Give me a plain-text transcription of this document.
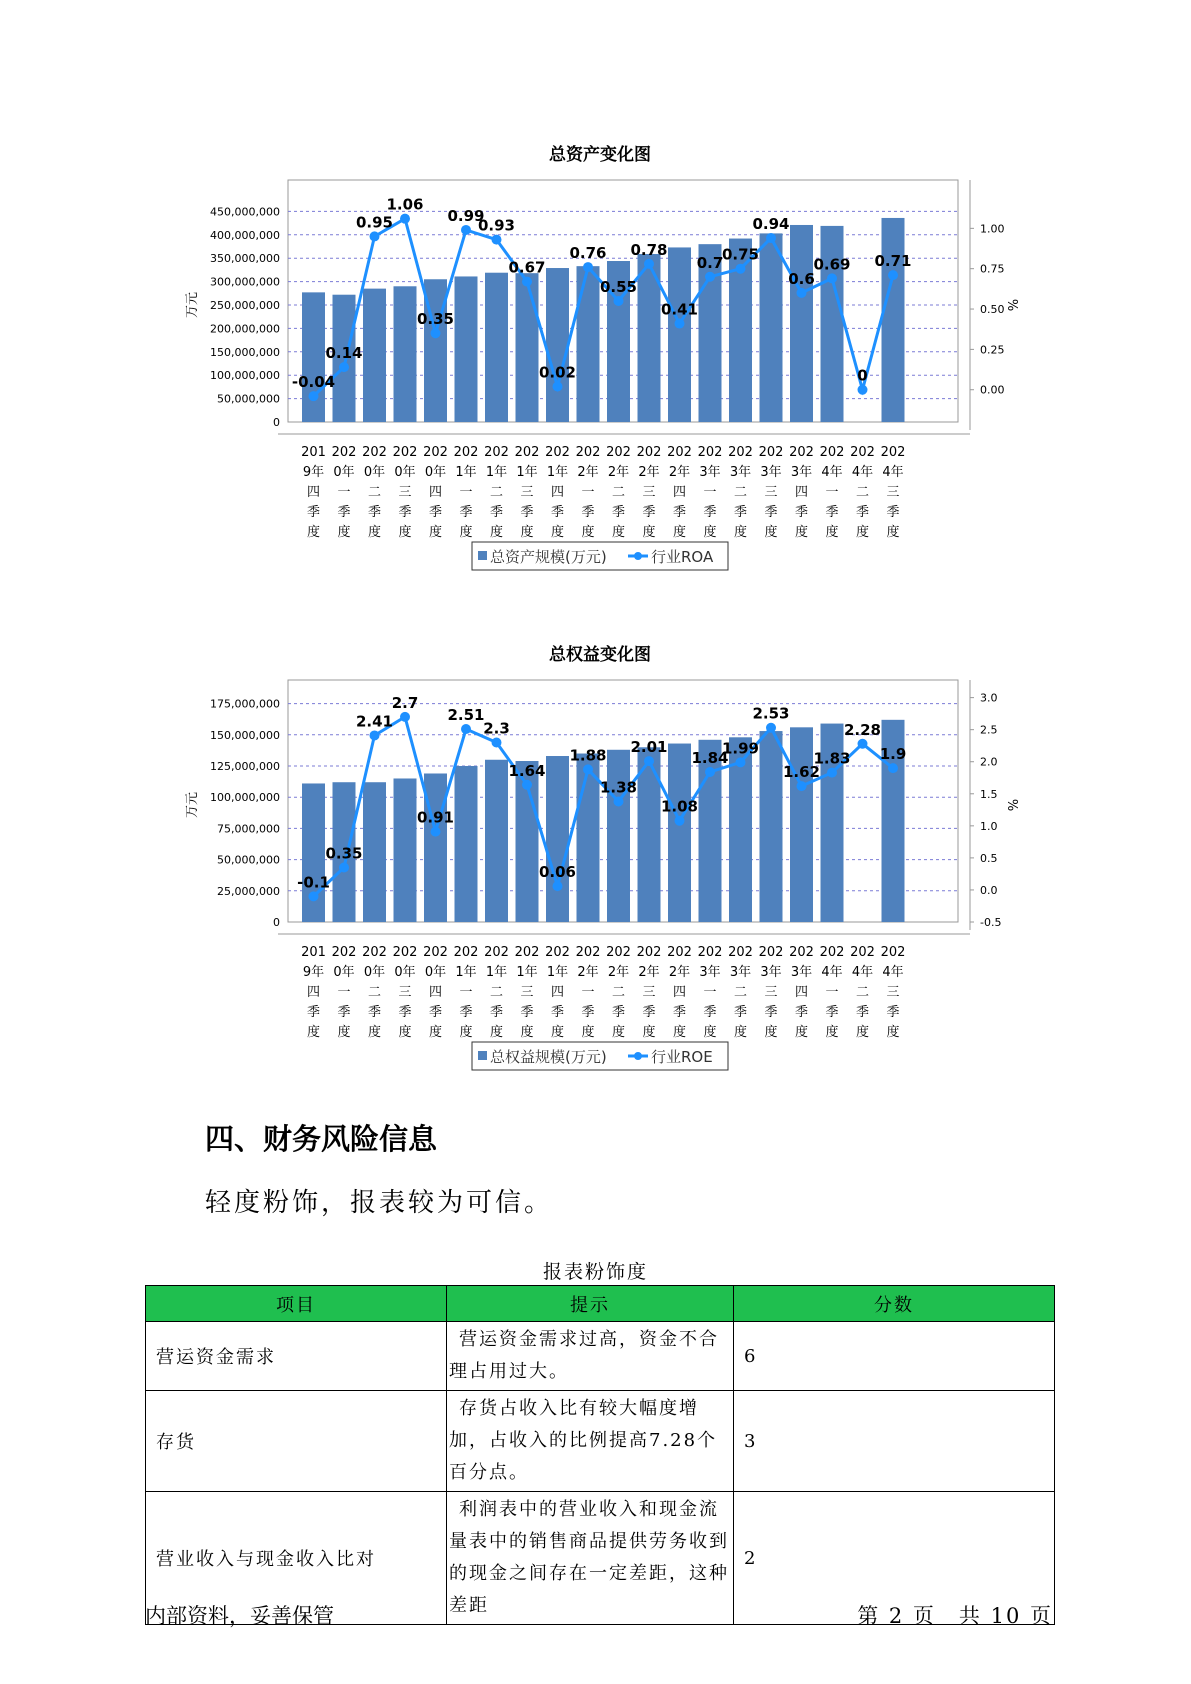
总资产变化图
0
50,000,000
100,000,000
150,000,000
200,000,000
250,000,000
300,000,000
350,000,000
400,000,000
450,000,000
0.00
0.25
0.50
0.75
1.00
万元	%
-0.04
0.14
0.95
1.06
0.35
0.99
0.93
0.67
0.02
0.76
0.55
0.78
0.41
0.7
0.75
0.94
0.6
0.69
0
0.71
201
9年
四
季
度
202
0年
一
季
度
202
0年
二
季
度
202
0年
三
季
度
202
0年
四
季
度
202
1年
一
季
度
202
1年
二
季
度
202
1年
三
季
度
202
1年
四
季
度
202
2年
一
季
度
202
2年
二
季
度
202
2年
三
季
度
202
2年
四
季
度
202
3年
一
季
度
202
3年
二
季
度
202
3年
三
季
度
202
3年
四
季
度
202
4年
一
季
度
202
4年
二
季
度
202
4年
三
季
度
总资产规模(万元)	行业ROA
总权益变化图
0
25,000,000
50,000,000
75,000,000
100,000,000
125,000,000
150,000,000
175,000,000
-0.5
0.0
0.5
1.0
1.5
2.0
2.5
3.0
万元	%
-0.1
0.35
2.41
2.7
0.91
2.51
2.3
1.64
0.06
1.88
1.38
2.01
1.08
1.84
1.99
2.53
1.62
1.83
2.28
1.9
201
9年
四
季
度
202
0年
一
季
度
202
0年
二
季
度
202
0年
三
季
度
202
0年
四
季
度
202
1年
一
季
度
202
1年
二
季
度
202
1年
三
季
度
202
1年
四
季
度
202
2年
一
季
度
202
2年
二
季
度
202
2年
三
季
度
202
2年
四
季
度
202
3年
一
季
度
202
3年
二
季
度
202
3年
三
季
度
202
3年
四
季
度
202
4年
一
季
度
202
4年
二
季
度
202
4年
三
季
度
总权益规模(万元)	行业ROE
四、财务风险信息
轻度粉饰，报表较为可信。
报表粉饰度
项目	提示	分数
营运资金需求	营运资金需求过高，资金不合理占用过大。	6
存货	存货占收入比有较大幅度增加，占收入的比例提高7.28个百分点。	3
营业收入与现金收入比对	利润表中的营业收入和现金流量表中的销售商品提供劳务收到的现金之间存在一定差距，这种差距	2
内部资料，妥善保管	第 2 页　共 10 页
